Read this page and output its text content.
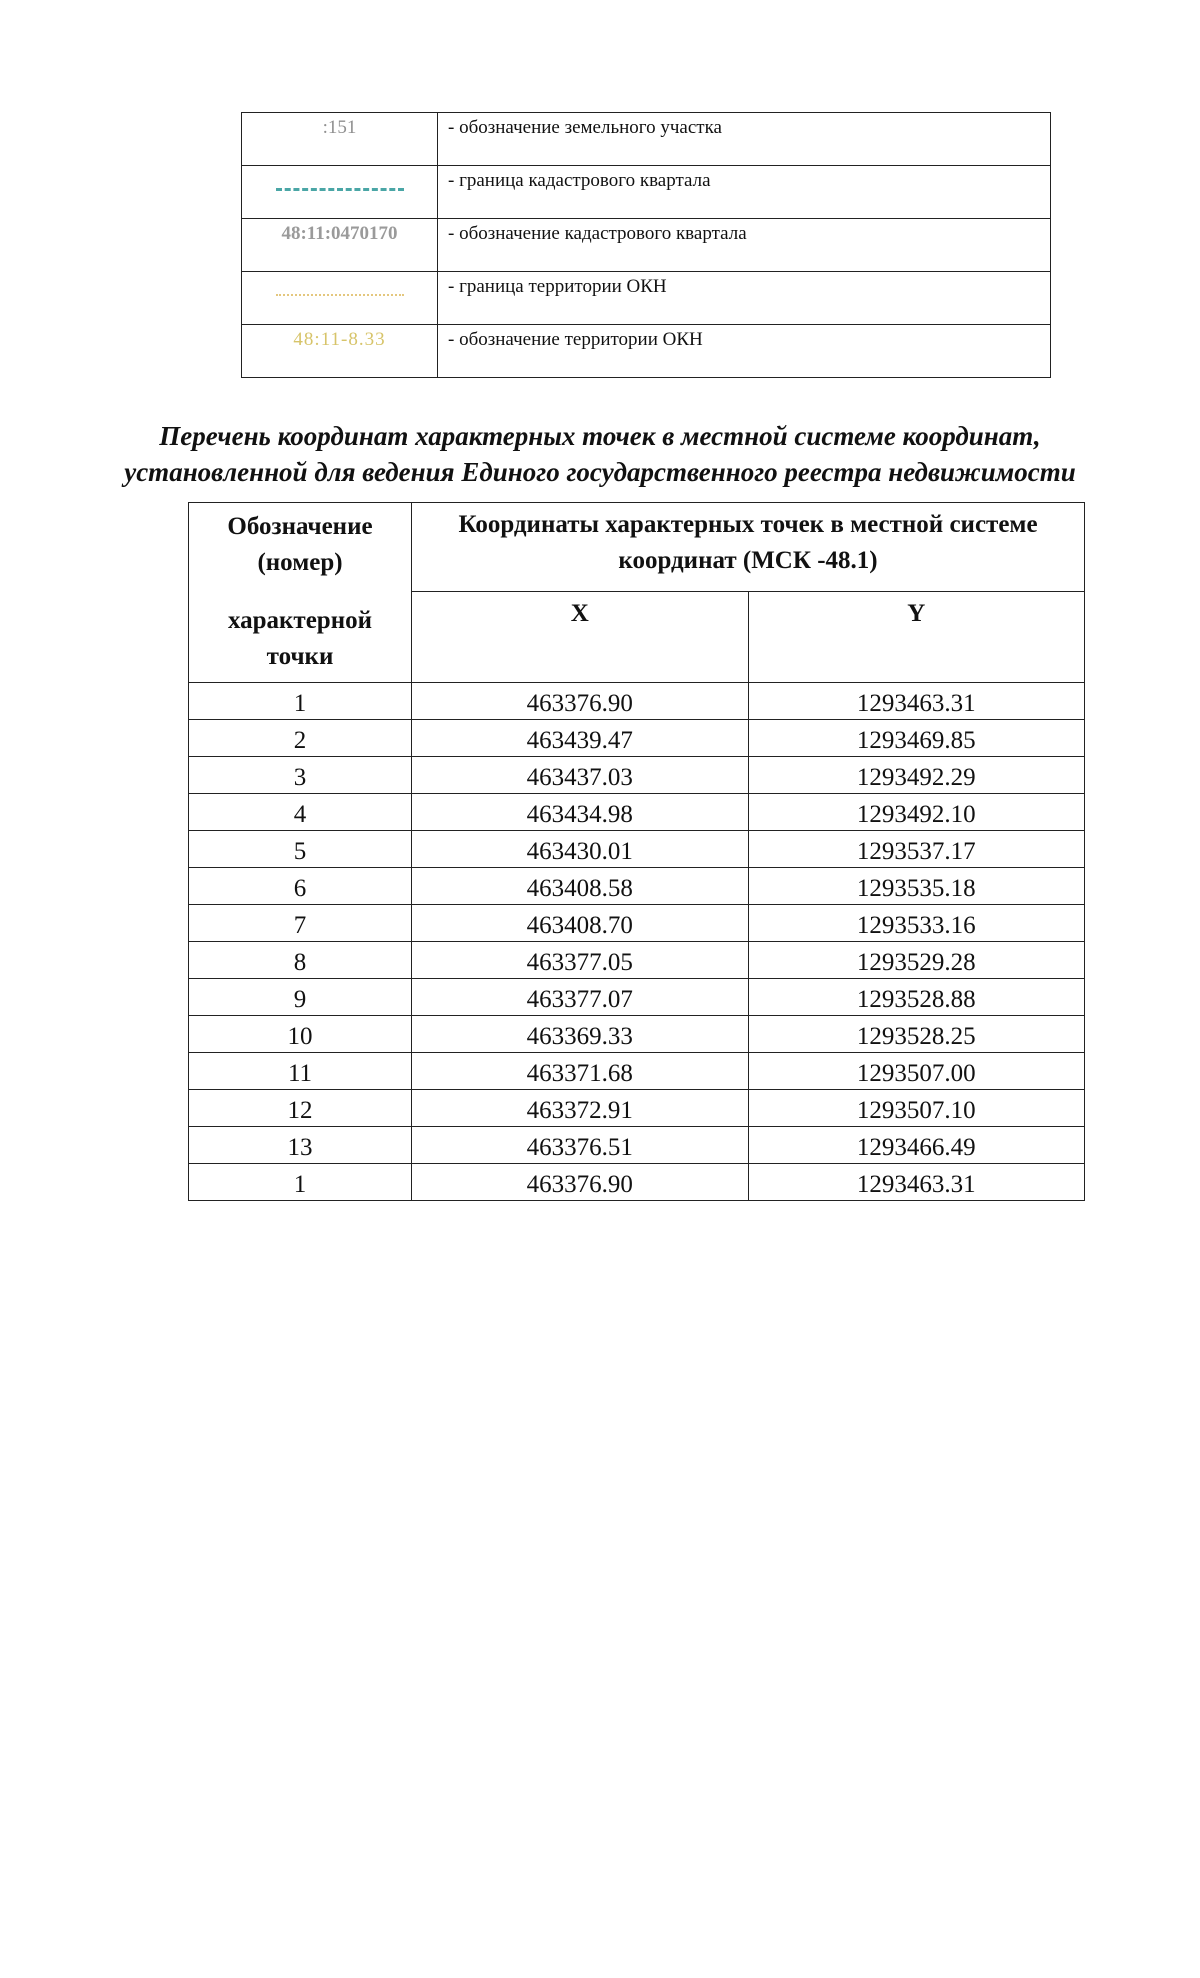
:151	- обозначение земельного участка
	- граница кадастрового квартала
48:11:0470170	- обозначение кадастрового квартала
	- граница территории ОКН
48:11-8.33	- обозначение территории ОКН
Перечень координат характерных точек в местной системе координат,
установленной для ведения Единого государственного реестра недвижимости
Обозначение
(номер)
характерной
точки	Координаты характерных точек в местной системе координат (МСК -48.1)	
	X	Y
1	463376.90	1293463.31
2	463439.47	1293469.85
3	463437.03	1293492.29
4	463434.98	1293492.10
5	463430.01	1293537.17
6	463408.58	1293535.18
7	463408.70	1293533.16
8	463377.05	1293529.28
9	463377.07	1293528.88
10	463369.33	1293528.25
11	463371.68	1293507.00
12	463372.91	1293507.10
13	463376.51	1293466.49
1	463376.90	1293463.31
